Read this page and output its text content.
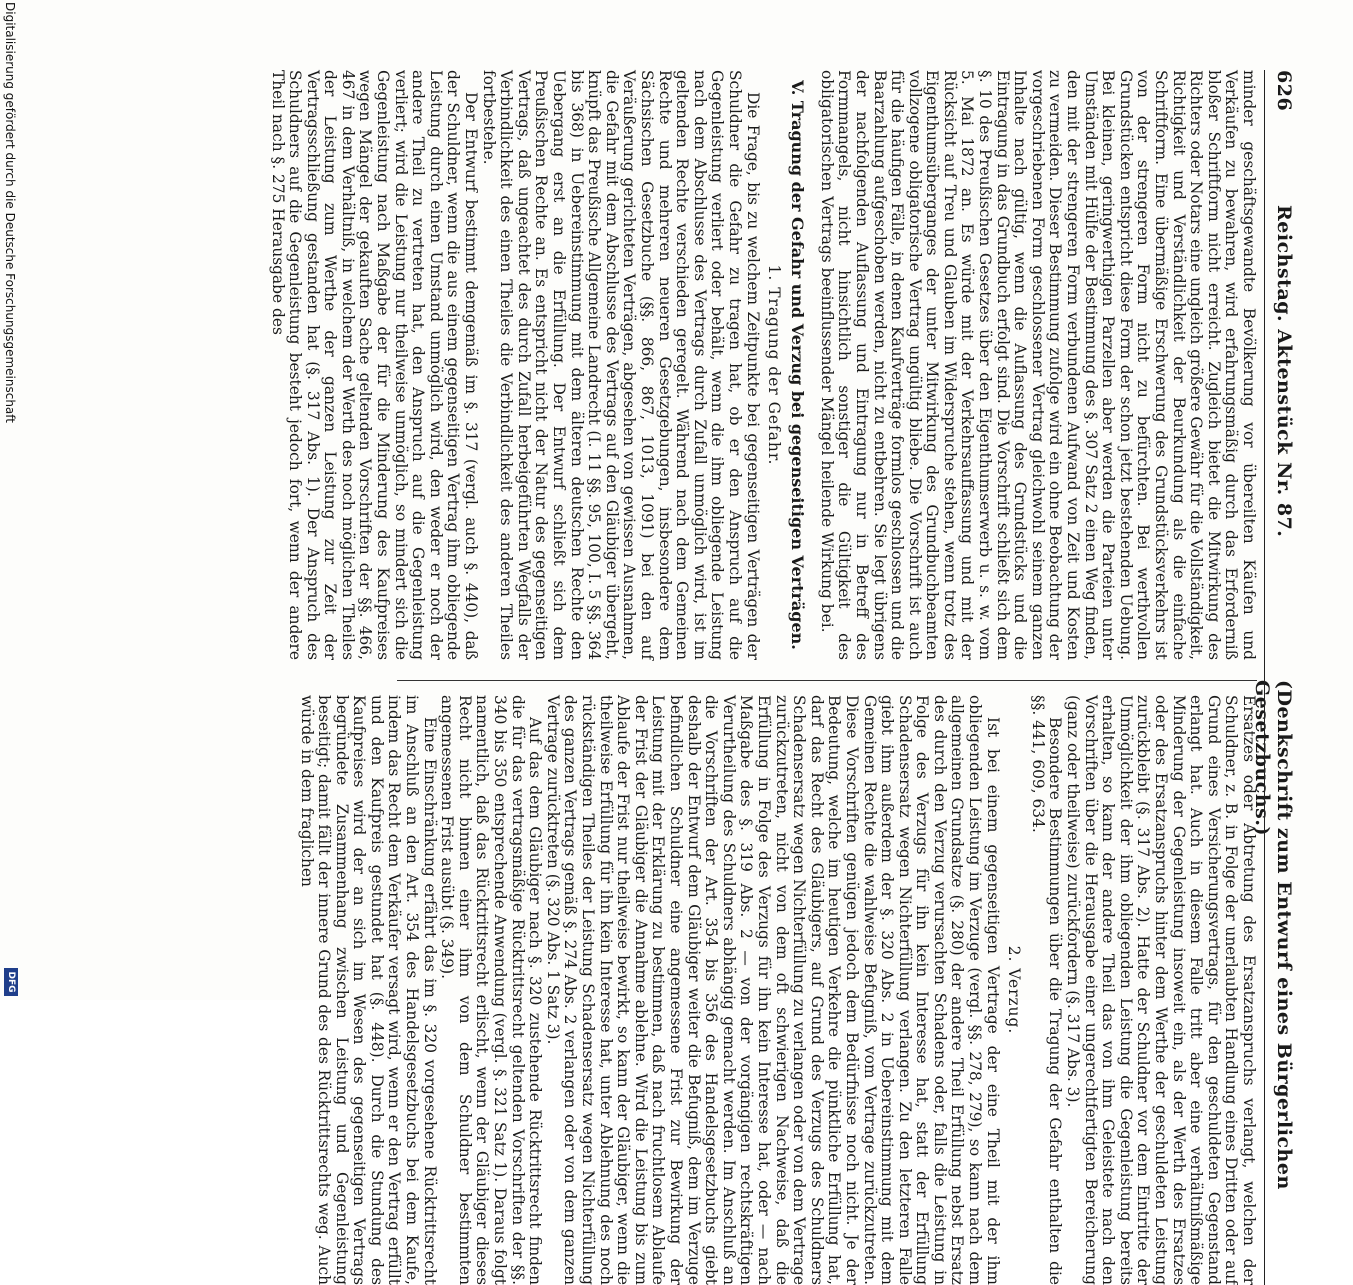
626
Reichstag. Aktenstück Nr. 87.
(Denkschrift zum Entwurf eines Bürgerlichen Gesetzbuchs.)

minder geschäftsgewandte Bevölkerung vor übereilten Käufen und Verkäufen zu bewahren, wird erfahrungsmäßig durch das Erforderniß bloßer Schriftform nicht erreicht. Zugleich bietet die Mitwirkung des Richters oder Notars eine ungleich größere Gewähr für die Vollständigkeit, Richtigkeit und Verständlichkeit der Beurkundung als die einfache Schriftform. Eine übermäßige Erschwerung des Grundstücksverkehrs ist von der strengeren Form nicht zu befürchten. Bei werthvollen Grundstücken entspricht diese Form der schon jetzt bestehenden Uebung. Bei kleinen, geringwerthigen Parzellen aber werden die Parteien unter Umständen mit Hülfe der Bestimmung des §. 307 Satz 2 einen Weg finden, den mit der strengeren Form verbundenen Aufwand von Zeit und Kosten zu vermeiden. Dieser Bestimmung zufolge wird ein ohne Beobachtung der vorgeschriebenen Form geschlossener Vertrag gleichwohl seinem ganzen Inhalte nach gültig, wenn die Auflassung des Grundstücks und die Eintragung in das Grundbuch erfolgt sind. Die Vorschrift schließt sich dem §. 10 des Preußischen Gesetzes über den Eigenthumserwerb u. s. w. vom 5. Mai 1872 an. Es würde mit der Verkehrsauffassung und mit der Rücksicht auf Treu und Glauben im Widerspruche stehen, wenn trotz des Eigenthumsüberganges der unter Mitwirkung des Grundbuchbeamten vollzogene obligatorische Vertrag ungültig bliebe. Die Vorschrift ist auch für die häufigen Fälle, in denen Kaufverträge formlos geschlossen und die Baarzahlung aufgeschoben werden, nicht zu entbehren. Sie legt übrigens der nachfolgenden Auflassung und Eintragung nur in Betreff des Formmangels, nicht hinsichtlich sonstiger die Gültigkeit des obligatorischen Vertrags beeinflussender Mängel heilende Wirkung bei.

V. Tragung der Gefahr und Verzug bei gegenseitigen Verträgen.
1. Tragung der Gefahr.

Die Frage, bis zu welchem Zeitpunkte bei gegenseitigen Verträgen der Schuldner die Gefahr zu tragen hat, ob er den Anspruch auf die Gegenleistung verliert oder behält, wenn die ihm obliegende Leistung nach dem Abschlusse des Vertrags durch Zufall unmöglich wird, ist im geltenden Rechte verschieden geregelt. Während nach dem Gemeinen Rechte und mehreren neueren Gesetzgebungen, insbesondere dem Sächsischen Gesetzbuche (§§. 866, 867, 1013, 1091) bei den auf Veräußerung gerichteten Verträgen, abgesehen von gewissen Ausnahmen, die Gefahr mit dem Abschlusse des Vertrags auf den Gläubiger übergeht, knüpft das Preußische Allgemeine Landrecht (I. 11 §§. 95, 100, I. 5 §§. 364 bis 368) in Uebereinstimmung mit dem älteren deutschen Rechte den Uebergang erst an die Erfüllung. Der Entwurf schließt sich dem Preußischen Rechte an. Es entspricht nicht der Natur des gegenseitigen Vertrags, daß ungeachtet des durch Zufall herbeigeführten Wegfalls der Verbindlichkeit des einen Theiles die Verbindlichkeit des anderen Theiles fortbestehe.

Der Entwurf bestimmt demgemäß im §. 317 (vergl. auch §. 440), daß der Schuldner, wenn die aus einem gegenseitigen Vertrag ihm obliegende Leistung durch einen Umstand unmöglich wird, den weder er noch der andere Theil zu vertreten hat, den Anspruch auf die Gegenleistung verliert; wird die Leistung nur theilweise unmöglich, so mindert sich die Gegenleistung nach Maßgabe der für die Minderung des Kaufpreises wegen Mängel der gekauften Sache geltenden Vorschriften der §§. 466, 467 in dem Verhältniß, in welchem der Werth des noch möglichen Theiles der Leistung zum Werthe der ganzen Leistung zur Zeit der Vertragsschließung gestanden hat (§. 317 Abs. 1). Der Anspruch des Schuldners auf die Gegenleistung besteht jedoch fort, wenn der andere Theil nach §. 275 Herausgabe des

Ersatzes oder Abtretung des Ersatzanspruchs verlangt, welchen der Schuldner, z. B. in Folge der unerlaubten Handlung eines Dritten oder auf Grund eines Versicherungsvertrags, für den geschuldeten Gegenstand erlangt hat. Auch in diesem Falle tritt aber eine verhältnißmäßige Minderung der Gegenleistung insoweit ein, als der Werth des Ersatzes oder des Ersatzanspruchs hinter dem Werthe der geschuldeten Leistung zurückbleibt (§. 317 Abs. 2). Hatte der Schuldner vor dem Eintritte der Unmöglichkeit der ihm obliegenden Leistung die Gegenleistung bereits erhalten, so kann der andere Theil das von ihm Geleistete nach den Vorschriften über die Herausgabe einer ungerechtfertigten Bereicherung (ganz oder theilweise) zurückfordern (§. 317 Abs. 3).

Besondere Bestimmungen über die Tragung der Gefahr enthalten die §§. 441, 609, 634.

2. Verzug.

Ist bei einem gegenseitigen Vertrage der eine Theil mit der ihm obliegenden Leistung im Verzuge (vergl. §§. 278, 279), so kann nach dem allgemeinen Grundsatze (§. 280) der andere Theil Erfüllung nebst Ersatz des durch den Verzug verursachten Schadens oder, falls die Leistung in Folge des Verzugs für ihn kein Interesse hat, statt der Erfüllung Schadensersatz wegen Nichterfüllung verlangen. Zu den letzteren Falle giebt ihm außerdem der §. 320 Abs. 2 in Uebereinstimmung mit dem Gemeinen Rechte die wahlweise Befugniß, vom Vertrage zurückzutreten. Diese Vorschriften genügen jedoch dem Bedürfnisse noch nicht. Je der Bedeutung, welche im heutigen Verkehre die pünktliche Erfüllung hat, darf das Recht des Gläubigers, auf Grund des Verzugs des Schuldners Schadensersatz wegen Nichterfüllung zu verlangen oder von dem Vertrage zurückzutreten, nicht von dem oft schwierigen Nachweise, daß die Erfüllung in Folge des Verzugs für ihn kein Interesse hat, oder — nach Maßgabe des §. 319 Abs. 2 — von der vorgängigen rechtskräftigen Verurtheilung des Schuldners abhängig gemacht werden. Im Anschluß an die Vorschriften der Art. 354 bis 356 des Handelsgesetzbuchs giebt deshalb der Entwurf dem Gläubiger weiter die Befugniß, dem im Verzuge befindlichen Schuldner eine angemessene Frist zur Bewirkung der Leistung mit der Erklärung zu bestimmen, daß nach fruchtlosem Ablaufe der Frist der Gläubiger die Annahme ablehne. Wird die Leistung bis zum Ablaufe der Frist nur theilweise bewirkt, so kann der Gläubiger, wenn die theilweise Erfüllung für ihn kein Interesse hat, unter Ablehnung des noch rückständigen Theiles der Leistung Schadensersatz wegen Nichterfüllung des ganzen Vertrags gemäß §. 274 Abs. 2 verlangen oder von dem ganzen Vertrage zurücktreten (§. 320 Abs. 1 Satz 3).

Auf das dem Gläubiger nach §. 320 zustehende Rücktrittsrecht finden die für das vertragsmäßige Rücktrittsrecht geltenden Vorschriften der §§. 340 bis 350 entsprechende Anwendung (vergl. §. 321 Satz 1). Daraus folgt namentlich, daß das Rücktrittsrecht erlischt, wenn der Gläubiger dieses Recht nicht binnen einer ihm von dem Schuldner bestimmten angemessenen Frist ausübt (§. 349).

Eine Einschränkung erfährt das im §. 320 vorgesehene Rücktrittsrecht im Anschluß an den Art. 354 des Handelsgesetzbuchs bei dem Kaufe, indem das Recht dem Verkäufer versagt wird, wenn er den Vertrag erfüllt und den Kaufpreis gestundet hat (§. 448). Durch die Stundung des Kaufpreises wird der an sich im Wesen des gegenseitigen Vertrags begründete Zusammenhang zwischen Leistung und Gegenleistung beseitigt; damit fällt der innere Grund des des Rücktrittsrechts weg. Auch würde in dem fraglichen

Digitalisierung gefördert durch die Deutsche Forschungsgemeinschaft
DFG
